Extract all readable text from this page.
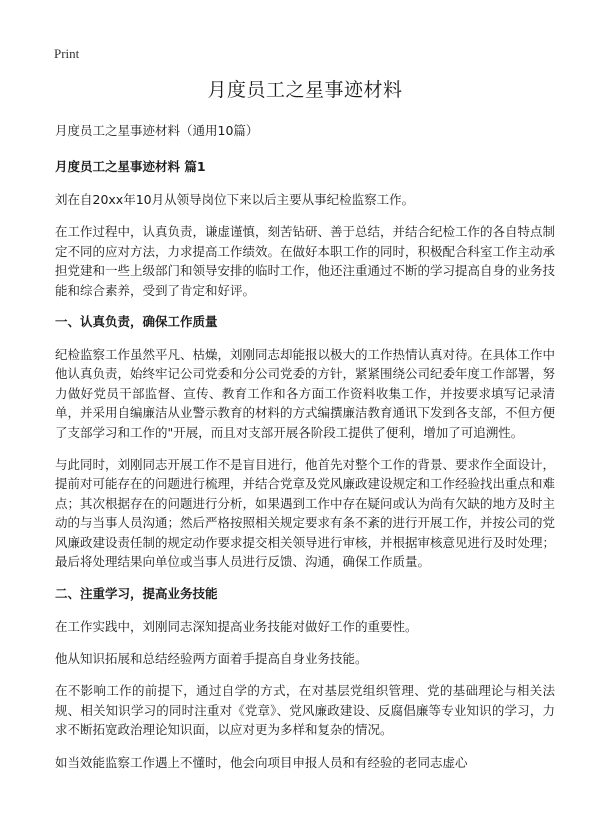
Print

月度员工之星事迹材料

月度员工之星事迹材料（通用10篇）

月度员工之星事迹材料 篇1

刘在自20xx年10月从领导岗位下来以后主要从事纪检监察工作。

在工作过程中，认真负责，谦虚谨慎，刻苦钻研、善于总结，并结合纪检工作的各自特点制定不同的应对方法，力求提高工作绩效。在做好本职工作的同时，积极配合科室工作主动承担党建和一些上级部门和领导安排的临时工作，他还注重通过不断的学习提高自身的业务技能和综合素养，受到了肯定和好评。

一、认真负责，确保工作质量

纪检监察工作虽然平凡、枯燥，刘刚同志却能报以极大的工作热情认真对待。在具体工作中他认真负责，始终牢记公司党委和分公司党委的方针，紧紧围绕公司纪委年度工作部署，努力做好党员干部监督、宣传、教育工作和各方面工作资料收集工作，并按要求填写记录清单，并采用自编廉洁从业警示教育的材料的方式编撰廉洁教育通讯下发到各支部，不但方便了支部学习和工作的"开展，而且对支部开展各阶段工提供了便利，增加了可追溯性。

与此同时，刘刚同志开展工作不是盲目进行，他首先对整个工作的背景、要求作全面设计，提前对可能存在的问题进行梳理，并结合党章及党风廉政建设规定和工作经验找出重点和难点；其次根据存在的问题进行分析，如果遇到工作中存在疑问或认为尚有欠缺的地方及时主动的与当事人员沟通；然后严格按照相关规定要求有条不紊的进行开展工作，并按公司的党风廉政建设责任制的规定动作要求提交相关领导进行审核，并根据审核意见进行及时处理；最后将处理结果向单位或当事人员进行反馈、沟通，确保工作质量。

二、注重学习，提高业务技能

在工作实践中，刘刚同志深知提高业务技能对做好工作的重要性。

他从知识拓展和总结经验两方面着手提高自身业务技能。

在不影响工作的前提下，通过自学的方式，在对基层党组织管理、党的基础理论与相关法规、相关知识学习的同时注重对《党章》、党风廉政建设、反腐倡廉等专业知识的学习，力求不断拓宽政治理论知识面，以应对更为多样和复杂的情况。

如当效能监察工作遇上不懂时，他会向项目申报人员和有经验的老同志虚心
